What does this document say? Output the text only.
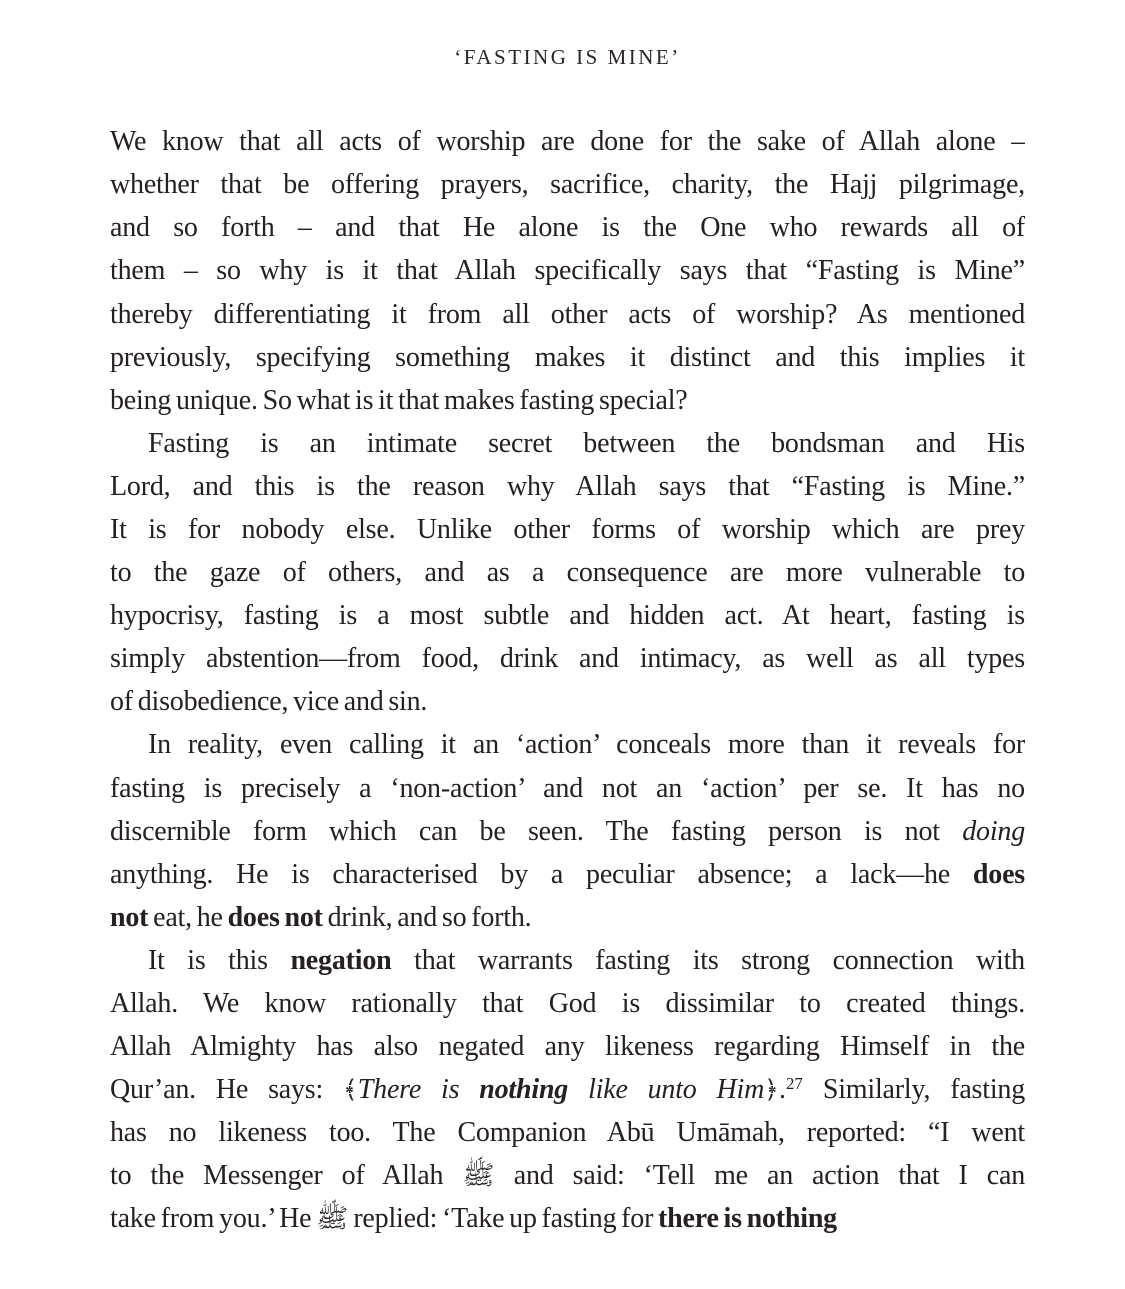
‘FASTING IS MINE’
We know that all acts of worship are done for the sake of Allah alone –
whether that be offering prayers, sacrifice, charity, the Hajj pilgrimage,
and so forth – and that He alone is the One who rewards all of
them – so why is it that Allah specifically says that “Fasting is Mine”
thereby differentiating it from all other acts of worship? As mentioned
previously, specifying something makes it distinct and this implies it
being unique. So what is it that makes fasting special?
Fasting is an intimate secret between the bondsman and His
Lord, and this is the reason why Allah says that “Fasting is Mine.”
It is for nobody else. Unlike other forms of worship which are prey
to the gaze of others, and as a consequence are more vulnerable to
hypocrisy, fasting is a most subtle and hidden act. At heart, fasting is
simply abstention—from food, drink and intimacy, as well as all types
of disobedience, vice and sin.
In reality, even calling it an ‘action’ conceals more than it reveals for
fasting is precisely a ‘non-action’ and not an ‘action’ per se. It has no
discernible form which can be seen. The fasting person is not doing
anything. He is characterised by a peculiar absence; a lack—he does
not eat, he does not drink, and so forth.
It is this negation that warrants fasting its strong connection with
Allah. We know rationally that God is dissimilar to created things.
Allah Almighty has also negated any likeness regarding Himself in the
Qur’an. He says: ﴾There is nothing like unto Him﴿.$^{27}$ Similarly, fasting
has no likeness too. The Companion Abū Umāmah, reported: “I went
to the Messenger of Allah ﷺ and said: ‘Tell me an action that I can
take from you.’ He ﷺ replied: ‘Take up fasting for there is nothing
